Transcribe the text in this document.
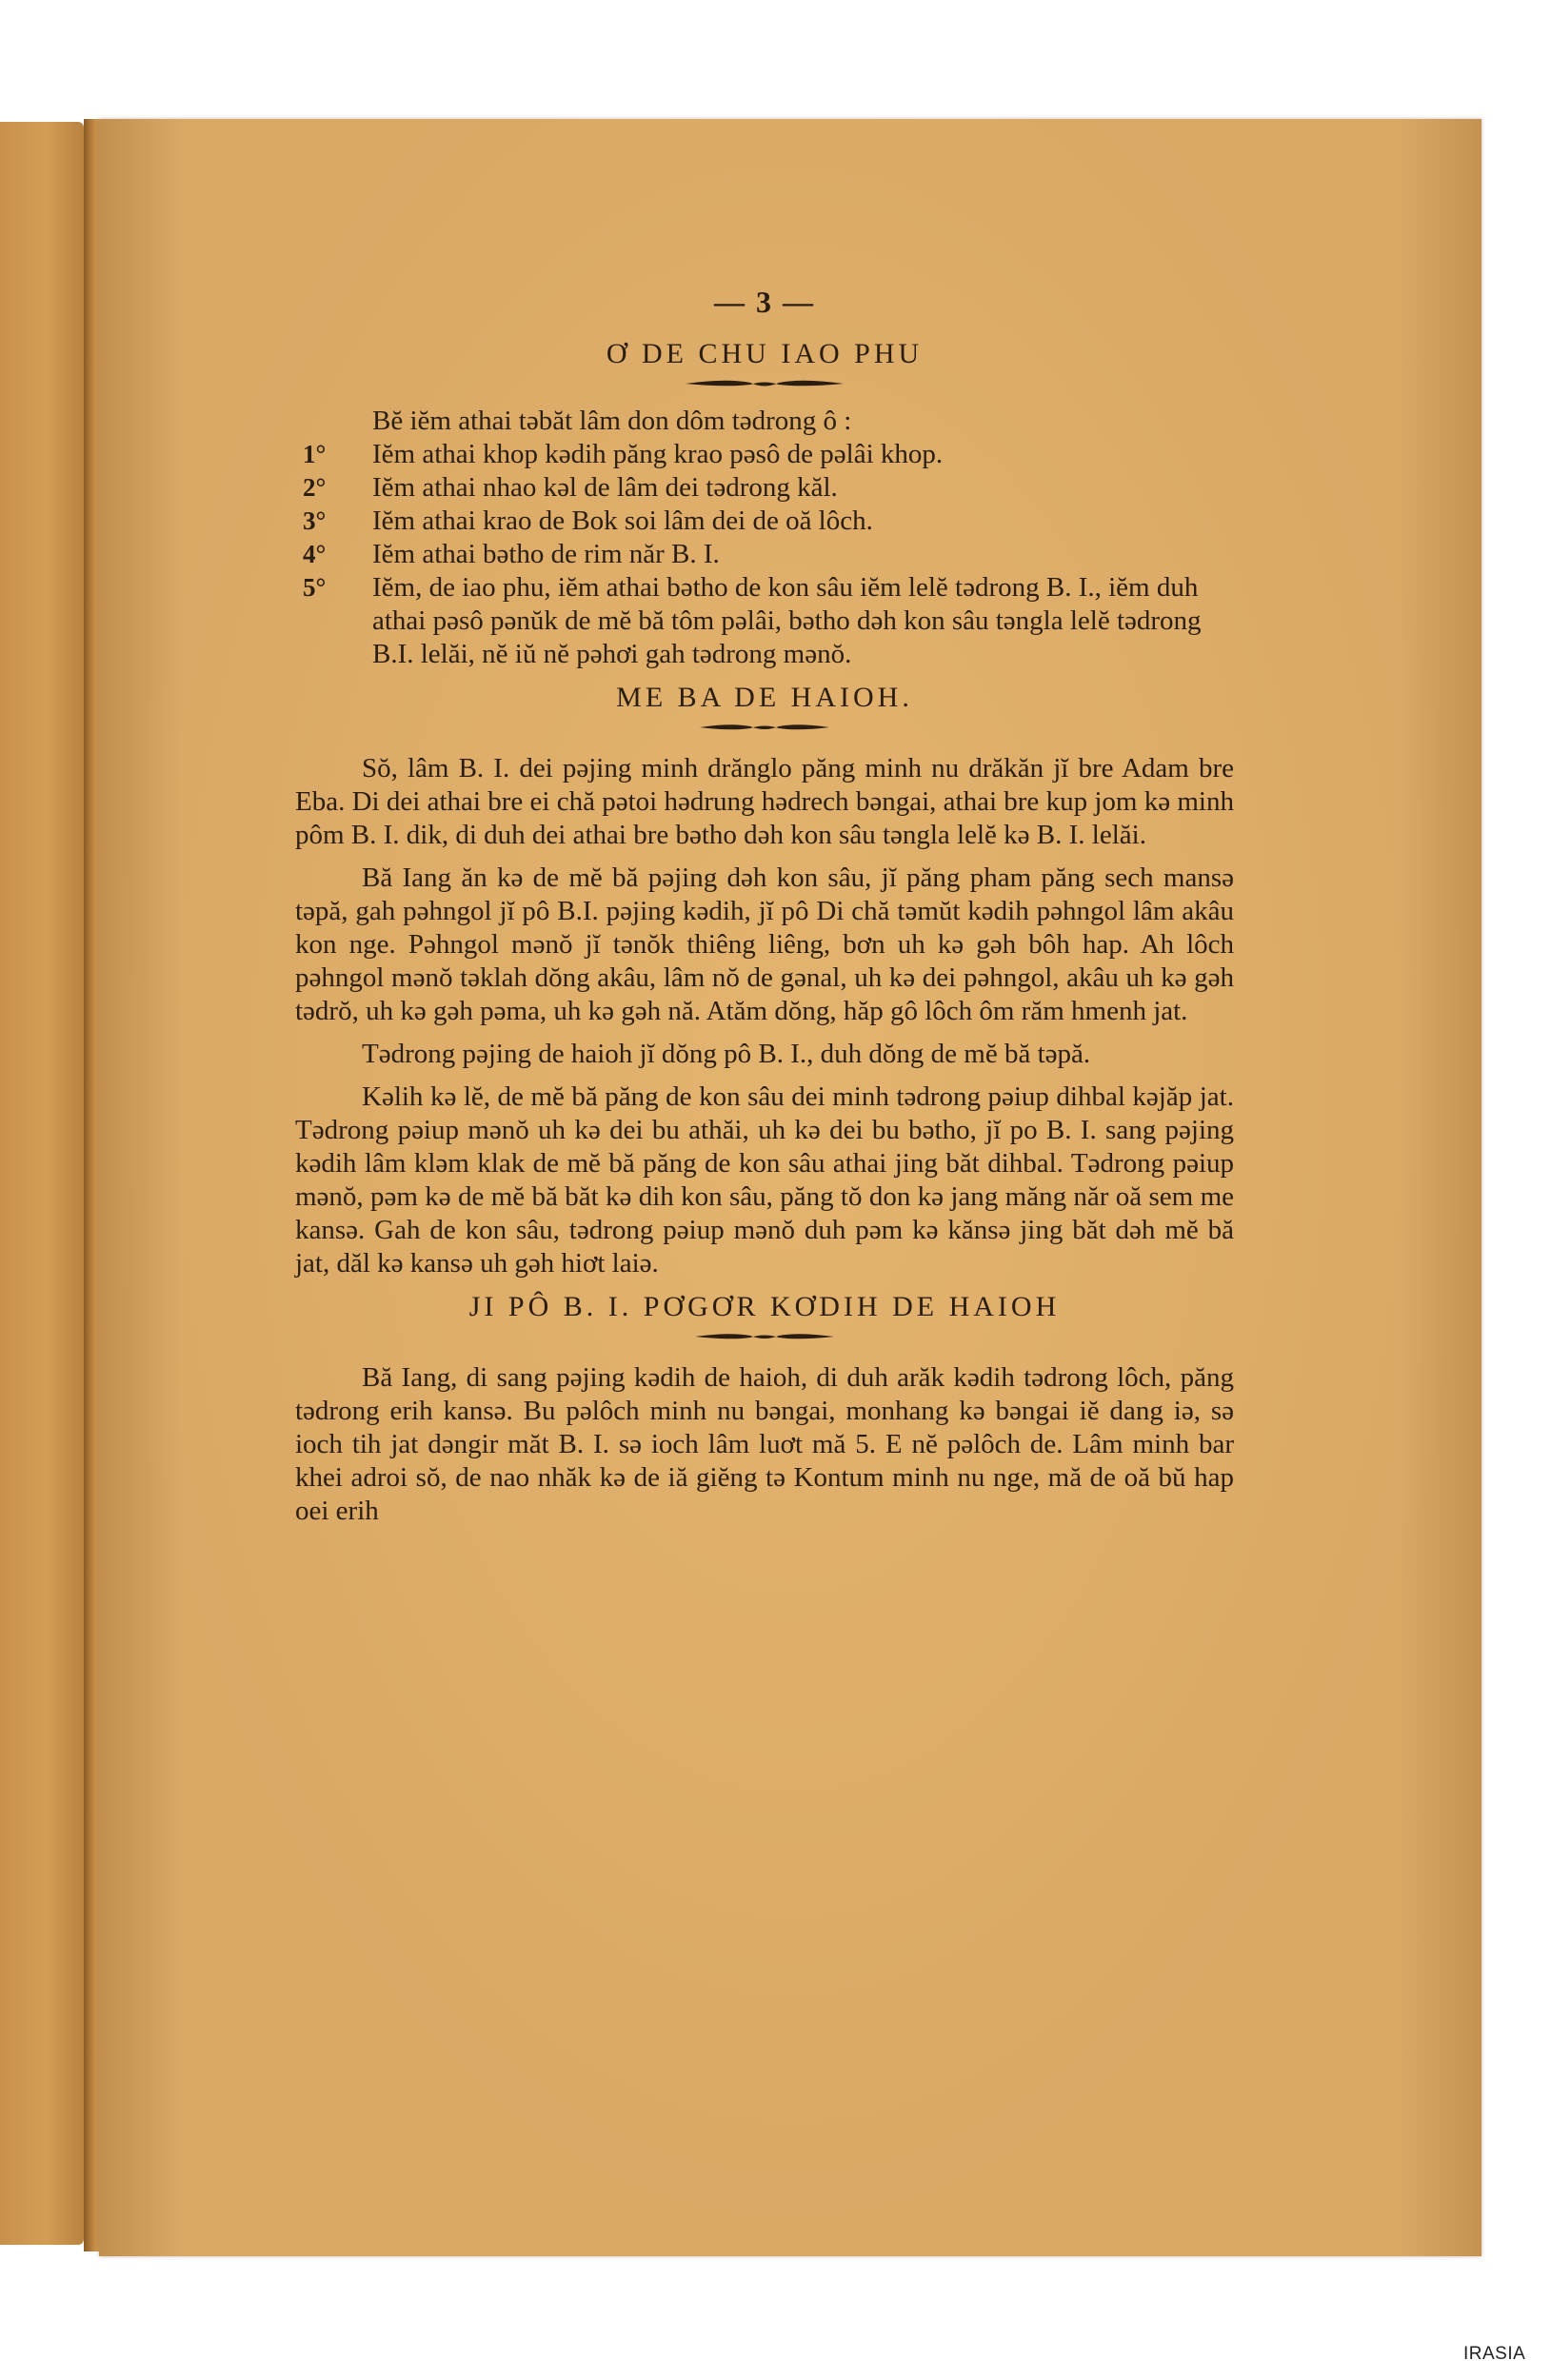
— 3 —
Ơ DE CHU IAO PHU
Bĕ iĕm athai təbăt lâm don dôm tədrong ô :
1° Iĕm athai khop kədih păng krao pəsô de pəlâi khop.
2° Iĕm athai nhao kəl de lâm dei tədrong kăl.
3° Iĕm athai krao de Bok soi lâm dei de oă lôch.
4° Iĕm athai bətho de rim năr B. I.
5° Iĕm, de iao phu, iĕm athai bətho de kon sâu iĕm lelĕ tədrong B. I., iĕm duh athai pəsô pənŭk de mĕ bă tôm pəlâi, bətho dəh kon sâu təngla lelĕ tədrong B.I. lelăi, nĕ iŭ nĕ pəhơi gah tədrong mənŏ.
ME BA DE HAIOH.

Sŏ, lâm B. I. dei pəjing minh drănglo păng minh nu drăkăn jĭ bre Adam bre Eba. Di dei athai bre ei chă pətoi hədrung hədrech bəngai, athai bre kup jom kə minh pôm B. I. dik, di duh dei athai bre bətho dəh kon sâu təngla lelĕ kə B. I. lelăi.

Bă Iang ăn kə de mĕ bă pəjing dəh kon sâu, jĭ păng pham păng sech mansə təpă, gah pəhngol jĭ pô B.I. pəjing kədih, jĭ pô Di chă təmŭt kədih pəhngol lâm akâu kon nge. Pəhngol mənŏ jĭ tənŏk thiêng liêng, bơn uh kə gəh bôh hap. Ah lôch pəhngol mənŏ təklah dŏng akâu, lâm nŏ de gənal, uh kə dei pəhngol, akâu uh kə gəh tədrŏ, uh kə gəh pəma, uh kə gəh nă. Atăm dŏng, hăp gô lôch ôm răm hmenh jat.

Tədrong pəjing de haioh jĭ dŏng pô B. I., duh dŏng de mĕ bă təpă.

Kəlih kə lĕ, de mĕ bă păng de kon sâu dei minh tədrong pəiup dihbal kəjăp jat. Tədrong pəiup mənŏ uh kə dei bu athăi, uh kə dei bu bətho, jĭ po B. I. sang pəjing kədih lâm kləm klak de mĕ bă păng de kon sâu athai jing băt dihbal. Tədrong pəiup mənŏ, pəm kə de mĕ bă băt kə dih kon sâu, păng tŏ don kə jang măng năr oă sem me kansə. Gah de kon sâu, tədrong pəiup mənŏ duh pəm kə kănsə jing băt dəh mĕ bă jat, dăl kə kansə uh gəh hiơt laiə.

JI PÔ B. I. PƠGƠR KƠDIH DE HAIOH

Bă Iang, di sang pəjing kədih de haioh, di duh arăk kədih tədrong lôch, păng tədrong erih kansə. Bu pəlôch minh nu bəngai, monhang kə bəngai iĕ dang iə, sə ioch tih jat dəngir măt B. I. sə ioch lâm luơt mă 5. E nĕ pəlôch de. Lâm minh bar khei adroi sŏ, de nao nhăk kə de iă giĕng tə Kontum minh nu nge, mă de oă bŭ hap oei erih

IRASIA
